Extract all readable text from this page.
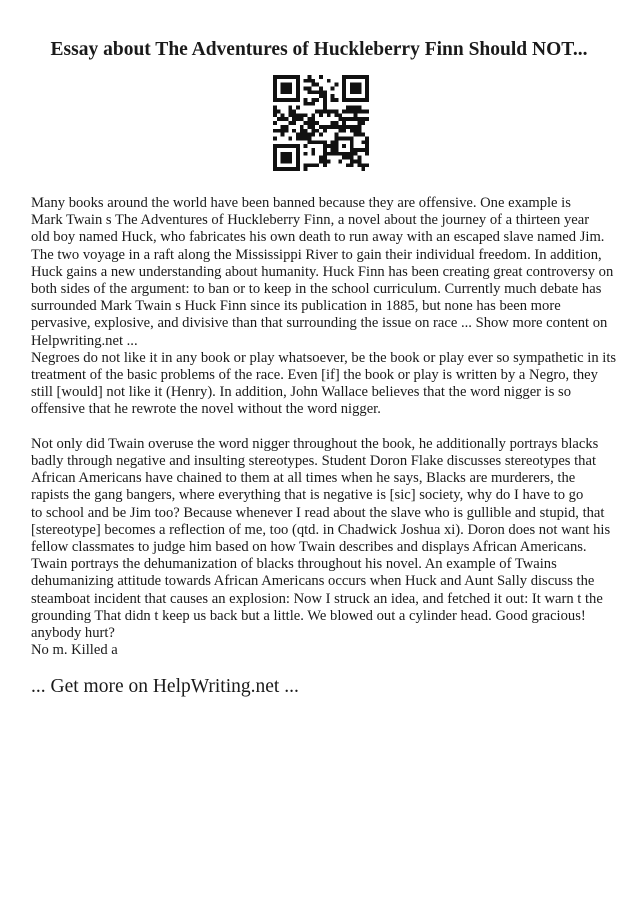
Essay about The Adventures of Huckleberry Finn Should NOT...

Many books around the world have been banned because they are offensive. One example is
Mark Twain s The Adventures of Huckleberry Finn, a novel about the journey of a thirteen year
old boy named Huck, who fabricates his own death to run away with an escaped slave named Jim.
The two voyage in a raft along the Mississippi River to gain their individual freedom. In addition,
Huck gains a new understanding about humanity. Huck Finn has been creating great controversy on
both sides of the argument: to ban or to keep in the school curriculum. Currently much debate has
surrounded Mark Twain s Huck Finn since its publication in 1885, but none has been more
pervasive, explosive, and divisive than that surrounding the issue on race ... Show more content on
Helpwriting.net ...

Negroes do not like it in any book or play whatsoever, be the book or play ever so sympathetic in its
treatment of the basic problems of the race. Even [if] the book or play is written by a Negro, they
still [would] not like it (Henry). In addition, John Wallace believes that the word nigger is so
offensive that he rewrote the novel without the word nigger.

Not only did Twain overuse the word nigger throughout the book, he additionally portrays blacks
badly through negative and insulting stereotypes. Student Doron Flake discusses stereotypes that
African Americans have chained to them at all times when he says, Blacks are murderers, the
rapists the gang bangers, where everything that is negative is [sic] society, why do I have to go
to school and be Jim too? Because whenever I read about the slave who is gullible and stupid, that
[stereotype] becomes a reflection of me, too (qtd. in Chadwick Joshua xi). Doron does not want his
fellow classmates to judge him based on how Twain describes and displays African Americans.
Twain portrays the dehumanization of blacks throughout his novel. An example of Twains
dehumanizing attitude towards African Americans occurs when Huck and Aunt Sally discuss the
steamboat incident that causes an explosion: Now I struck an idea, and fetched it out: It warn t the
grounding That didn t keep us back but a little. We blowed out a cylinder head. Good gracious!
anybody hurt?
No m. Killed a

... Get more on HelpWriting.net ...
